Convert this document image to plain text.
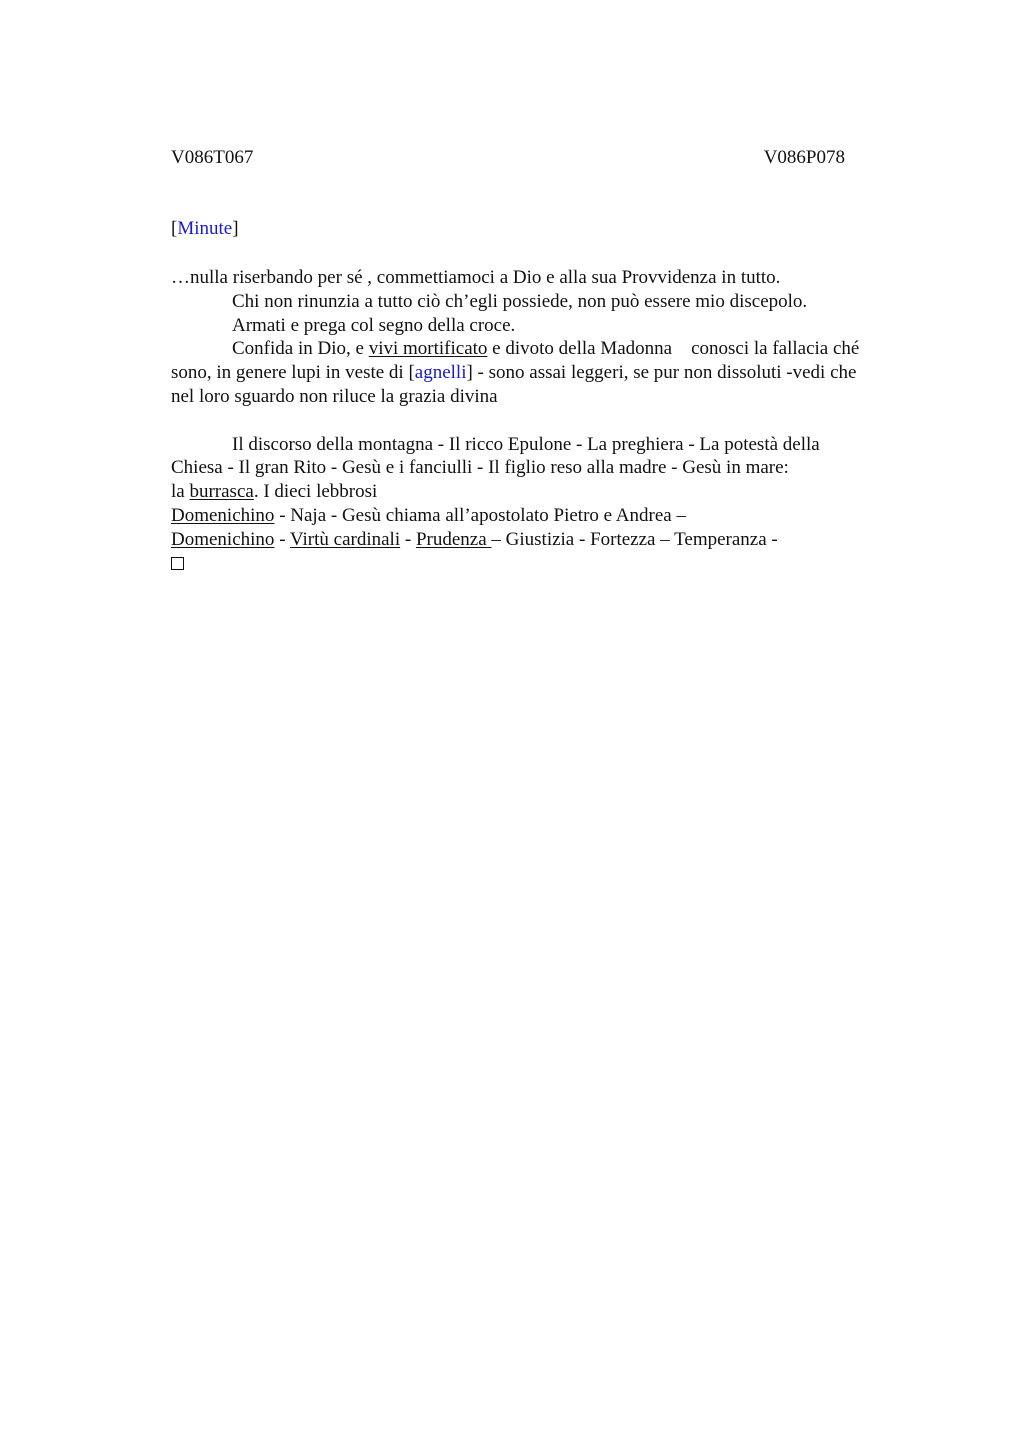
V086T067	V086P078
[Minute]
…nulla riserbando per sé , commettiamoci a Dio e alla sua Provvidenza in tutto.
Chi non rinunzia a tutto ciò ch’egli possiede, non può essere mio discepolo.
Armati e prega col segno della croce.
Confida in Dio, e vivi mortificato e divoto della Madonna    conosci la fallacia ché
sono, in genere lupi in veste di [agnelli] - sono assai leggeri, se pur non dissoluti -vedi che
nel loro sguardo non riluce la grazia divina
Il discorso della montagna - Il ricco Epulone - La preghiera - La potestà della
Chiesa - Il gran Rito - Gesù e i fanciulli - Il figlio reso alla madre - Gesù in mare:
la burrasca. I dieci lebbrosi
Domenichino - Naja - Gesù chiama all’apostolato Pietro e Andrea –
Domenichino - Virtù cardinali - Prudenza – Giustizia - Fortezza – Temperanza -
